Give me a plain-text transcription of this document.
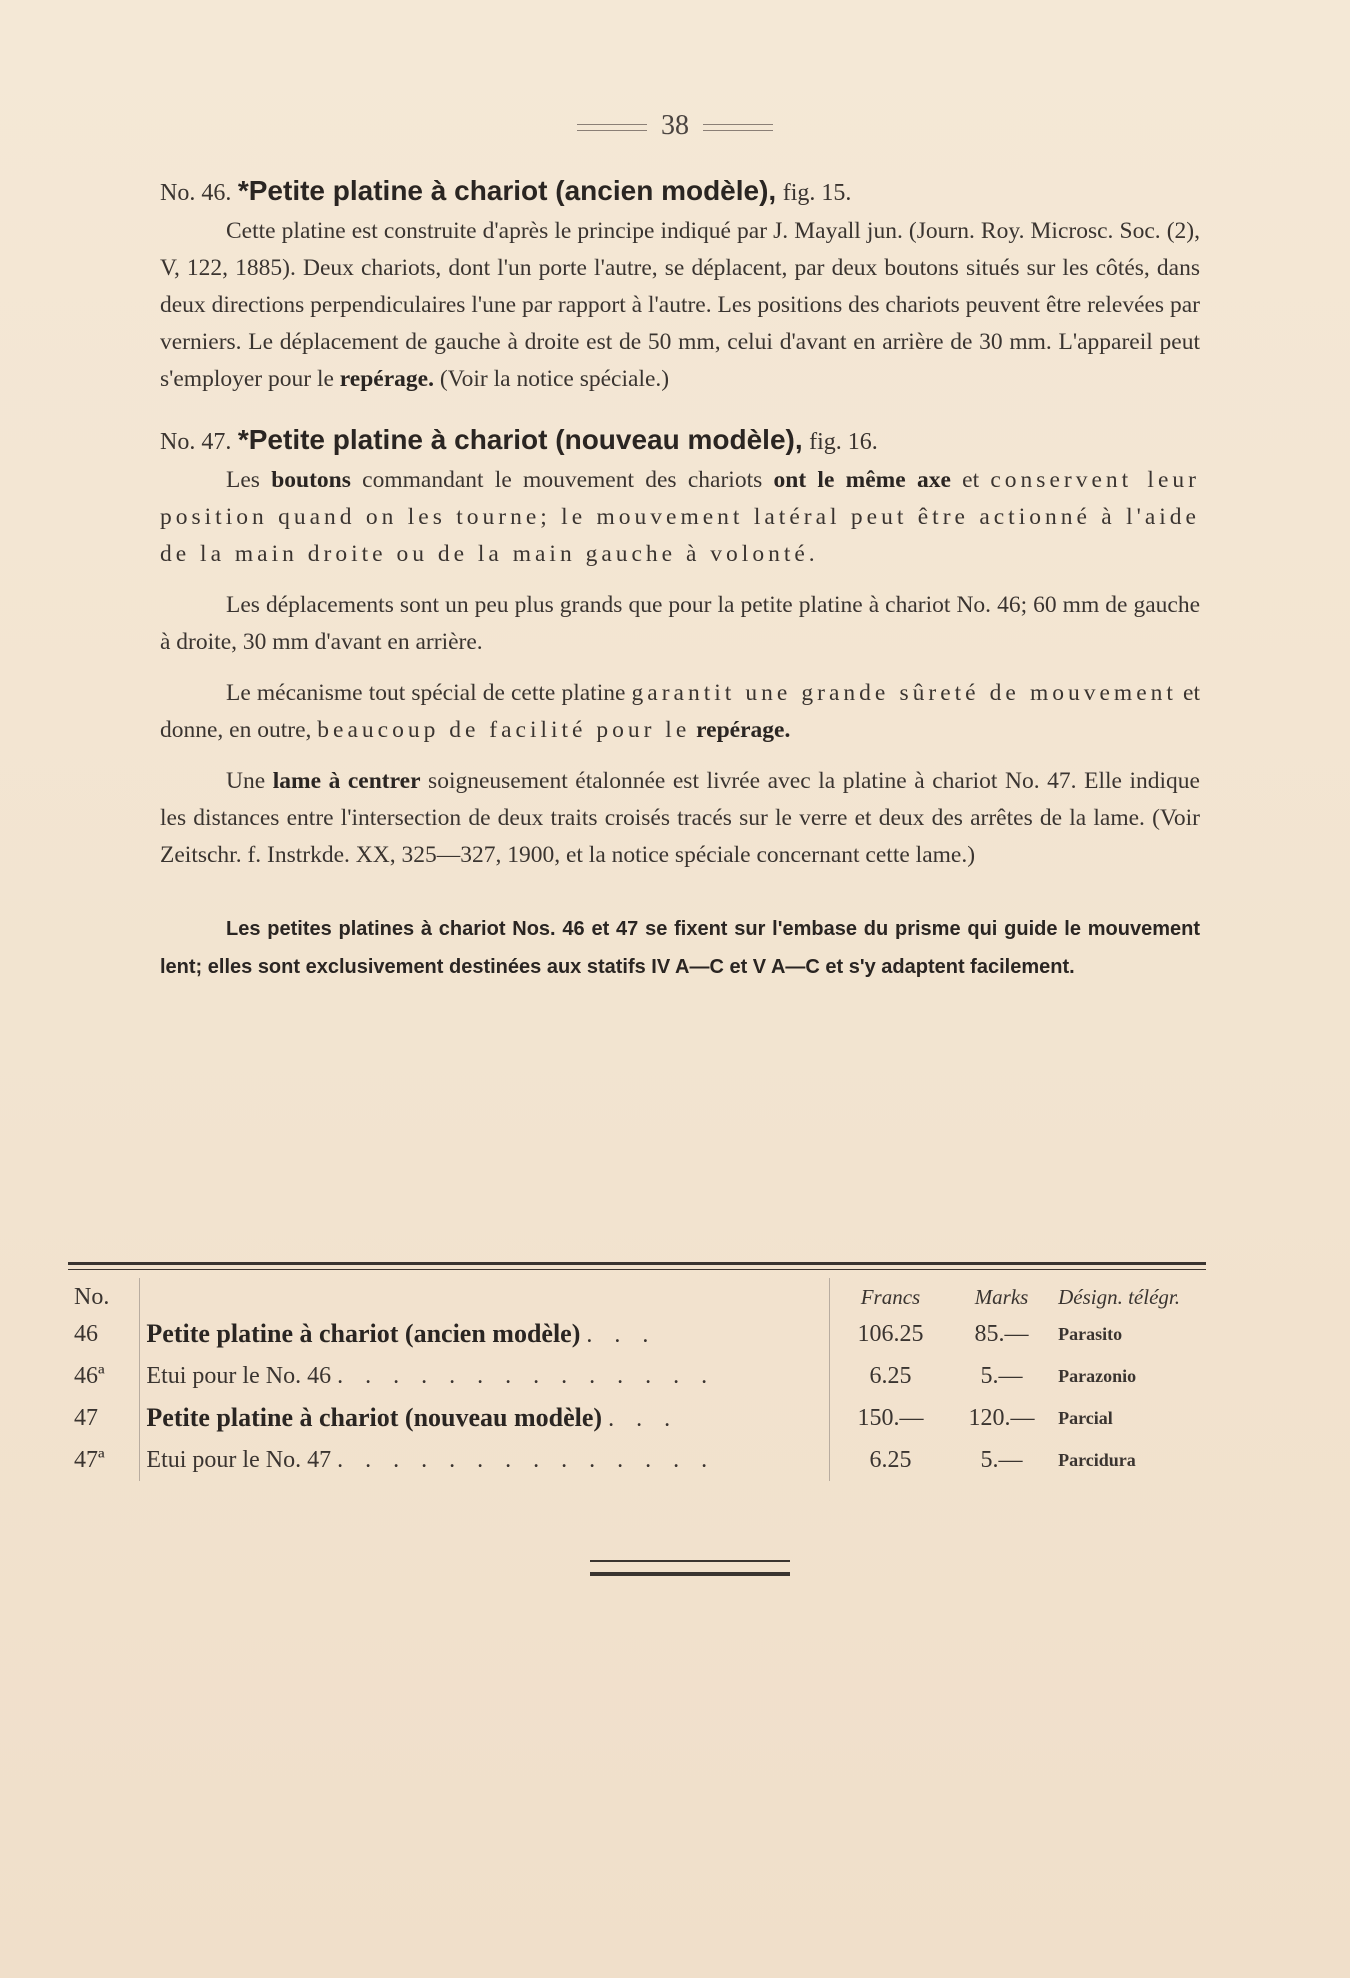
38
No. 46. *Petite platine à chariot (ancien modèle), fig. 15.

Cette platine est construite d'après le principe indiqué par J. Mayall jun. (Journ. Roy. Microsc. Soc. (2), V, 122, 1885). Deux chariots, dont l'un porte l'autre, se déplacent, par deux boutons situés sur les côtés, dans deux directions perpendiculaires l'une par rapport à l'autre. Les positions des chariots peuvent être relevées par verniers. Le déplacement de gauche à droite est de 50 mm, celui d'avant en arrière de 30 mm. L'appareil peut s'employer pour le repérage. (Voir la notice spéciale.)

No. 47. *Petite platine à chariot (nouveau modèle), fig. 16.

Les boutons commandant le mouvement des chariots ont le même axe et conservent leur position quand on les tourne; le mouvement latéral peut être actionné à l'aide de la main droite ou de la main gauche à volonté.

Les déplacements sont un peu plus grands que pour la petite platine à chariot No. 46; 60 mm de gauche à droite, 30 mm d'avant en arrière.

Le mécanisme tout spécial de cette platine garantit une grande sûreté de mouvement et donne, en outre, beaucoup de facilité pour le repérage.

Une lame à centrer soigneusement étalonnée est livrée avec la platine à chariot No. 47. Elle indique les distances entre l'intersection de deux traits croisés tracés sur le verre et deux des arrêtes de la lame. (Voir Zeitschr. f. Instrkde. XX, 325—327, 1900, et la notice spéciale concernant cette lame.)

Les petites platines à chariot Nos. 46 et 47 se fixent sur l'embase du prisme qui guide le mouvement lent; elles sont exclusivement destinées aux statifs IV A—C et V A—C et s'y adaptent facilement.
No.		Francs	Marks	Désign. télégr.
46	Petite platine à chariot (ancien modèle) . . .	106.25	85.—	Parasito
46ª	Etui pour le No. 46 . . . . . . . . . . . . . .	6.25	5.—	Parazonio
47	Petite platine à chariot (nouveau modèle) . . .	150.—	120.—	Parcial
47ª	Etui pour le No. 47 . . . . . . . . . . . . . .	6.25	5.—	Parcidura
